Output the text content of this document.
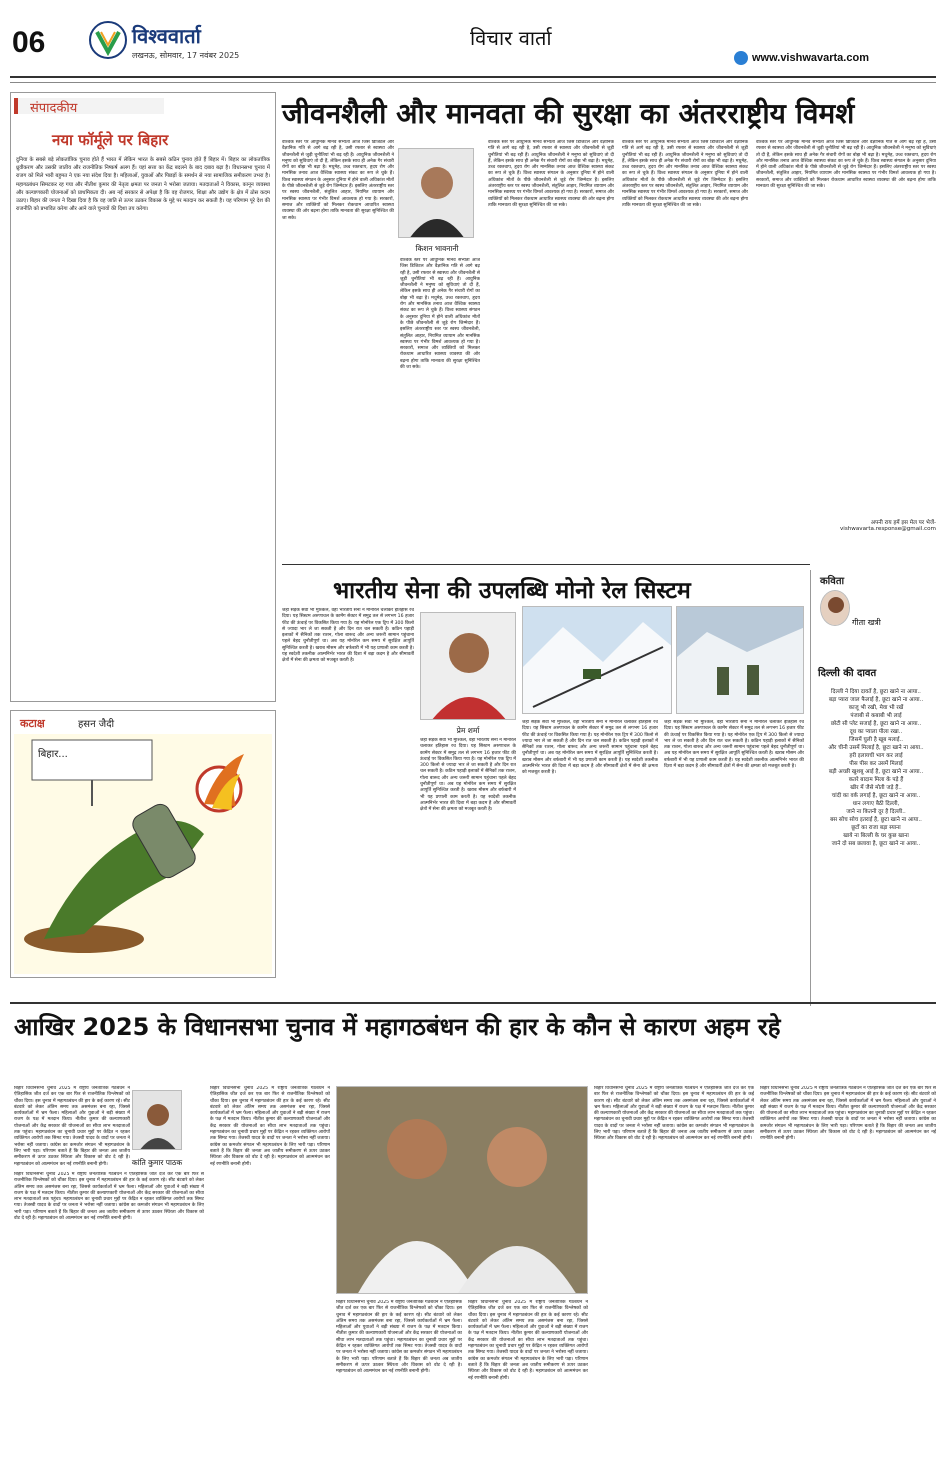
06	विश्ववार्ता
लखनऊ, सोमवार, 17 नवंबर 2025
विचार वार्ता
www.vishwavarta.com
संपादकीय
नया फॉर्मूले पर बिहार
दुनिया के सबसे बड़े लोकतांत्रिक चुनाव होते हैं भारत में लेकिन भारत के सबसे कठिन चुनाव होते हैं बिहार में। बिहार का लोकतांत्रिक ध्रुवीकरण और उसकी जातीय और राजनीतिक निष्कर्ष अलग हैं। यहां सत्ता का केंद्र बदलने के बाद दबाव बढ़ा है। विधानसभा चुनाव में राजग को मिले भारी बहुमत ने एक नया संदेश दिया है। महिलाओं, युवाओं और पिछड़ों के समर्थन से नया सामाजिक समीकरण उभरा है। महागठबंधन सिमटकर रह गया और नीतीश कुमार की नेतृत्व क्षमता पर जनता ने भरोसा जताया। मतदाताओं ने विकास, कानून व्यवस्था और कल्याणकारी योजनाओं को प्राथमिकता दी। अब नई सरकार से अपेक्षा है कि वह रोजगार, शिक्षा और उद्योग के क्षेत्र में ठोस कदम उठाए। बिहार की जनता ने दिखा दिया है कि वह जाति से ऊपर उठकर विकास के मुद्दे पर मतदान कर सकती है। यह परिणाम पूरे देश की राजनीति को प्रभावित करेगा और आने वाले चुनावों की दिशा तय करेगा।
कटाक्ष	हसन जैदी
बिहार...
जीवनशैली और मानवता की सुरक्षा का अंतरराष्ट्रीय विमर्श
किशन भावनानी
वैश्विक स्तर पर आधुनिक मानव सभ्यता आज जिस डिजिटल और वैज्ञानिक गति से आगे बढ़ रही है, उसी रफ्तार से स्वास्थ्य और जीवनशैली से जुड़ी चुनौतियां भी बढ़ रही हैं। आधुनिक जीवनशैली ने मनुष्य को सुविधाएं तो दी हैं, लेकिन इसके साथ ही अनेक गैर संचारी रोगों का बोझ भी बढ़ा है। मधुमेह, उच्च रक्तचाप, हृदय रोग और मानसिक तनाव आज वैश्विक स्वास्थ्य संकट का रूप ले चुके हैं। विश्व स्वास्थ्य संगठन के अनुसार दुनिया में होने वाली अधिकांश मौतों के पीछे जीवनशैली से जुड़े रोग जिम्मेदार हैं। इसलिए अंतरराष्ट्रीय स्तर पर स्वस्थ जीवनशैली, संतुलित आहार, नियमित व्यायाम और मानसिक स्वास्थ्य पर गंभीर विमर्श आवश्यक हो गया है। सरकारों, समाज और व्यक्तियों को मिलकर रोकथाम आधारित स्वास्थ्य व्यवस्था की ओर बढ़ना होगा ताकि मानवता की सुरक्षा सुनिश्चित की जा सके।
वैश्विक स्तर पर आधुनिक मानव सभ्यता आज जिस डिजिटल और वैज्ञानिक गति से आगे बढ़ रही है, उसी रफ्तार से स्वास्थ्य और जीवनशैली से जुड़ी चुनौतियां भी बढ़ रही हैं। आधुनिक जीवनशैली ने मनुष्य को सुविधाएं तो दी हैं, लेकिन इसके साथ ही अनेक गैर संचारी रोगों का बोझ भी बढ़ा है। मधुमेह, उच्च रक्तचाप, हृदय रोग और मानसिक तनाव आज वैश्विक स्वास्थ्य संकट का रूप ले चुके हैं। विश्व स्वास्थ्य संगठन के अनुसार दुनिया में होने वाली अधिकांश मौतों के पीछे जीवनशैली से जुड़े रोग जिम्मेदार हैं। इसलिए अंतरराष्ट्रीय स्तर पर स्वस्थ जीवनशैली, संतुलित आहार, नियमित व्यायाम और मानसिक स्वास्थ्य पर गंभीर विमर्श आवश्यक हो गया है। सरकारों, समाज और व्यक्तियों को मिलकर रोकथाम आधारित स्वास्थ्य व्यवस्था की ओर बढ़ना होगा ताकि मानवता की सुरक्षा सुनिश्चित की जा सके।
वैश्विक स्तर पर आधुनिक मानव सभ्यता आज जिस डिजिटल और वैज्ञानिक गति से आगे बढ़ रही है, उसी रफ्तार से स्वास्थ्य और जीवनशैली से जुड़ी चुनौतियां भी बढ़ रही हैं। आधुनिक जीवनशैली ने मनुष्य को सुविधाएं तो दी हैं, लेकिन इसके साथ ही अनेक गैर संचारी रोगों का बोझ भी बढ़ा है। मधुमेह, उच्च रक्तचाप, हृदय रोग और मानसिक तनाव आज वैश्विक स्वास्थ्य संकट का रूप ले चुके हैं। विश्व स्वास्थ्य संगठन के अनुसार दुनिया में होने वाली अधिकांश मौतों के पीछे जीवनशैली से जुड़े रोग जिम्मेदार हैं। इसलिए अंतरराष्ट्रीय स्तर पर स्वस्थ जीवनशैली, संतुलित आहार, नियमित व्यायाम और मानसिक स्वास्थ्य पर गंभीर विमर्श आवश्यक हो गया है। सरकारों, समाज और व्यक्तियों को मिलकर रोकथाम आधारित स्वास्थ्य व्यवस्था की ओर बढ़ना होगा ताकि मानवता की सुरक्षा सुनिश्चित की जा सके।
वैश्विक स्तर पर आधुनिक मानव सभ्यता आज जिस डिजिटल और वैज्ञानिक गति से आगे बढ़ रही है, उसी रफ्तार से स्वास्थ्य और जीवनशैली से जुड़ी चुनौतियां भी बढ़ रही हैं। आधुनिक जीवनशैली ने मनुष्य को सुविधाएं तो दी हैं, लेकिन इसके साथ ही अनेक गैर संचारी रोगों का बोझ भी बढ़ा है। मधुमेह, उच्च रक्तचाप, हृदय रोग और मानसिक तनाव आज वैश्विक स्वास्थ्य संकट का रूप ले चुके हैं। विश्व स्वास्थ्य संगठन के अनुसार दुनिया में होने वाली अधिकांश मौतों के पीछे जीवनशैली से जुड़े रोग जिम्मेदार हैं। इसलिए अंतरराष्ट्रीय स्तर पर स्वस्थ जीवनशैली, संतुलित आहार, नियमित व्यायाम और मानसिक स्वास्थ्य पर गंभीर विमर्श आवश्यक हो गया है। सरकारों, समाज और व्यक्तियों को मिलकर रोकथाम आधारित स्वास्थ्य व्यवस्था की ओर बढ़ना होगा ताकि मानवता की सुरक्षा सुनिश्चित की जा सके।
वैश्विक स्तर पर आधुनिक मानव सभ्यता आज जिस डिजिटल और वैज्ञानिक गति से आगे बढ़ रही है, उसी रफ्तार से स्वास्थ्य और जीवनशैली से जुड़ी चुनौतियां भी बढ़ रही हैं। आधुनिक जीवनशैली ने मनुष्य को सुविधाएं तो दी हैं, लेकिन इसके साथ ही अनेक गैर संचारी रोगों का बोझ भी बढ़ा है। मधुमेह, उच्च रक्तचाप, हृदय रोग और मानसिक तनाव आज वैश्विक स्वास्थ्य संकट का रूप ले चुके हैं। विश्व स्वास्थ्य संगठन के अनुसार दुनिया में होने वाली अधिकांश मौतों के पीछे जीवनशैली से जुड़े रोग जिम्मेदार हैं। इसलिए अंतरराष्ट्रीय स्तर पर स्वस्थ जीवनशैली, संतुलित आहार, नियमित व्यायाम और मानसिक स्वास्थ्य पर गंभीर विमर्श आवश्यक हो गया है। सरकारों, समाज और व्यक्तियों को मिलकर रोकथाम आधारित स्वास्थ्य व्यवस्था की ओर बढ़ना होगा ताकि मानवता की सुरक्षा सुनिश्चित की जा सके।
अपनी राय हमें इस मेल पर भेजें-
vishwavarta.response@gmail.com
भारतीय सेना की उपलब्धि मोनो रेल सिस्टम
प्रेम शर्मा
जहां सड़क सेवा भी मुश्किल, वहां भारतीय सेना ने मोनोरेल चलाकर इतिहास रच दिया। यह सिस्टम अरुणाचल के कामेंग सेक्टर में समुद्र तल से लगभग 16 हजार फीट की ऊंचाई पर विकसित किया गया है। यह मोनोरेल एक ट्रिप में 300 किलो से ज्यादा भार ले जा सकती है और दिन रात चल सकती है। कठिन पहाड़ी इलाकों में सैनिकों तक राशन, गोला बारूद और अन्य जरूरी सामान पहुंचाना पहले बेहद चुनौतीपूर्ण था। अब यह मोनोरेल कम समय में सुरक्षित आपूर्ति सुनिश्चित करती है। खराब मौसम और बर्फबारी में भी यह प्रणाली काम करती है। यह स्वदेशी तकनीक आत्मनिर्भर भारत की दिशा में बड़ा कदम है और सीमावर्ती क्षेत्रों में सेना की क्षमता को मजबूत करती है।
जहां सड़क सेवा भी मुश्किल, वहां भारतीय सेना ने मोनोरेल चलाकर इतिहास रच दिया। यह सिस्टम अरुणाचल के कामेंग सेक्टर में समुद्र तल से लगभग 16 हजार फीट की ऊंचाई पर विकसित किया गया है। यह मोनोरेल एक ट्रिप में 300 किलो से ज्यादा भार ले जा सकती है और दिन रात चल सकती है। कठिन पहाड़ी इलाकों में सैनिकों तक राशन, गोला बारूद और अन्य जरूरी सामान पहुंचाना पहले बेहद चुनौतीपूर्ण था। अब यह मोनोरेल कम समय में सुरक्षित आपूर्ति सुनिश्चित करती है। खराब मौसम और बर्फबारी में भी यह प्रणाली काम करती है। यह स्वदेशी तकनीक आत्मनिर्भर भारत की दिशा में बड़ा कदम है और सीमावर्ती क्षेत्रों में सेना की क्षमता को मजबूत करती है।
जहां सड़क सेवा भी मुश्किल, वहां भारतीय सेना ने मोनोरेल चलाकर इतिहास रच दिया। यह सिस्टम अरुणाचल के कामेंग सेक्टर में समुद्र तल से लगभग 16 हजार फीट की ऊंचाई पर विकसित किया गया है। यह मोनोरेल एक ट्रिप में 300 किलो से ज्यादा भार ले जा सकती है और दिन रात चल सकती है। कठिन पहाड़ी इलाकों में सैनिकों तक राशन, गोला बारूद और अन्य जरूरी सामान पहुंचाना पहले बेहद चुनौतीपूर्ण था। अब यह मोनोरेल कम समय में सुरक्षित आपूर्ति सुनिश्चित करती है। खराब मौसम और बर्फबारी में भी यह प्रणाली काम करती है। यह स्वदेशी तकनीक आत्मनिर्भर भारत की दिशा में बड़ा कदम है और सीमावर्ती क्षेत्रों में सेना की क्षमता को मजबूत करती है।
जहां सड़क सेवा भी मुश्किल, वहां भारतीय सेना ने मोनोरेल चलाकर इतिहास रच दिया। यह सिस्टम अरुणाचल के कामेंग सेक्टर में समुद्र तल से लगभग 16 हजार फीट की ऊंचाई पर विकसित किया गया है। यह मोनोरेल एक ट्रिप में 300 किलो से ज्यादा भार ले जा सकती है और दिन रात चल सकती है। कठिन पहाड़ी इलाकों में सैनिकों तक राशन, गोला बारूद और अन्य जरूरी सामान पहुंचाना पहले बेहद चुनौतीपूर्ण था। अब यह मोनोरेल कम समय में सुरक्षित आपूर्ति सुनिश्चित करती है। खराब मौसम और बर्फबारी में भी यह प्रणाली काम करती है। यह स्वदेशी तकनीक आत्मनिर्भर भारत की दिशा में बड़ा कदम है और सीमावर्ती क्षेत्रों में सेना की क्षमता को मजबूत करती है।
कविता
गीता खत्री
दिल्ली की दावत
दिल्ली ने दिया दावतें है, छूटा खाने ना आया..
बड़ा प्यारा जाल फैलाई है, छूटा खाने ना आया..
काजू भी रखी, मेवा भी रखें
पंजाबी से कबाबी भी लाई
छोटी सी प्लेट सजाई है, छूटा खाने ना आया..
दूध का प्याला पीला रखा..
जिसमें घुली है खूब मलाई..
और चीनी उसमें मिलाई है, छूटा खाने ना आया..
हरी इलायची भाग कर लाई
पीस पीस कर उसमें मिलाई
बड़ी अच्छी खुशबू आई है, छूटा खाने ना आया..
कतरे बादाम मिला के पड़े हैं
खीर में जैसे मोती जड़े हैं..
चांदी का वर्क लगाई है, छूटा खाने ना आया..
धान लगाए बैठी दिल्ली,
जाने ना कितनी दूर है दिल्ली..
बस सोच सोच इतराई है, छूटा खाने ना आया..
छूटों का राजा बड़ा स्याना
खाये ना बिल्ली के घर कुछ खाना
जाने दो सब छलावा है, छूटा खाने ना आया..
आखिर 2025 के विधानसभा चुनाव में महागठबंधन की हार के कौन से कारण अहम रहे
कांति कुमार पाठक
बिहार विधानसभा चुनाव 2025 में राष्ट्रीय जनतांत्रिक गठबंधन ने ऐतिहासिक जीत दर्ज कर एक बार फिर से राजनीतिक विश्लेषकों को चौंका दिया। इस चुनाव में महागठबंधन की हार के कई कारण रहे। सीट बंटवारे को लेकर अंतिम समय तक असमंजस बना रहा, जिससे कार्यकर्ताओं में भ्रम फैला। महिलाओं और युवाओं ने बड़ी संख्या में राजग के पक्ष में मतदान किया। नीतीश कुमार की कल्याणकारी योजनाओं और केंद्र सरकार की योजनाओं का सीधा लाभ मतदाताओं तक पहुंचा। महागठबंधन का चुनावी प्रचार मुद्दों पर केंद्रित न रहकर व्यक्तिगत आरोपों तक सिमट गया। तेजस्वी यादव के वादों पर जनता ने भरोसा नहीं जताया। कांग्रेस का कमजोर संगठन भी महागठबंधन के लिए भारी पड़ा। परिणाम बताते हैं कि बिहार की जनता अब जातीय समीकरण से ऊपर उठकर स्थिरता और विकास को वोट दे रही है। महागठबंधन को आत्ममंथन कर नई रणनीति बनानी होगी।
बिहार विधानसभा चुनाव 2025 में राष्ट्रीय जनतांत्रिक गठबंधन ने ऐतिहासिक जीत दर्ज कर एक बार फिर से राजनीतिक विश्लेषकों को चौंका दिया। इस चुनाव में महागठबंधन की हार के कई कारण रहे। सीट बंटवारे को लेकर अंतिम समय तक असमंजस बना रहा, जिससे कार्यकर्ताओं में भ्रम फैला। महिलाओं और युवाओं ने बड़ी संख्या में राजग के पक्ष में मतदान किया। नीतीश कुमार की कल्याणकारी योजनाओं और केंद्र सरकार की योजनाओं का सीधा लाभ मतदाताओं तक पहुंचा। महागठबंधन का चुनावी प्रचार मुद्दों पर केंद्रित न रहकर व्यक्तिगत आरोपों तक सिमट गया। तेजस्वी यादव के वादों पर जनता ने भरोसा नहीं जताया। कांग्रेस का कमजोर संगठन भी महागठबंधन के लिए भारी पड़ा। परिणाम बताते हैं कि बिहार की जनता अब जातीय समीकरण से ऊपर उठकर स्थिरता और विकास को वोट दे रही है। महागठबंधन को आत्ममंथन कर नई रणनीति बनानी होगी।
बिहार विधानसभा चुनाव 2025 में राष्ट्रीय जनतांत्रिक गठबंधन ने ऐतिहासिक जीत दर्ज कर एक बार फिर से राजनीतिक विश्लेषकों को चौंका दिया। इस चुनाव में महागठबंधन की हार के कई कारण रहे। सीट बंटवारे को लेकर अंतिम समय तक असमंजस बना रहा, जिससे कार्यकर्ताओं में भ्रम फैला। महिलाओं और युवाओं ने बड़ी संख्या में राजग के पक्ष में मतदान किया। नीतीश कुमार की कल्याणकारी योजनाओं और केंद्र सरकार की योजनाओं का सीधा लाभ मतदाताओं तक पहुंचा। महागठबंधन का चुनावी प्रचार मुद्दों पर केंद्रित न रहकर व्यक्तिगत आरोपों तक सिमट गया। तेजस्वी यादव के वादों पर जनता ने भरोसा नहीं जताया। कांग्रेस का कमजोर संगठन भी महागठबंधन के लिए भारी पड़ा। परिणाम बताते हैं कि बिहार की जनता अब जातीय समीकरण से ऊपर उठकर स्थिरता और विकास को वोट दे रही है। महागठबंधन को आत्ममंथन कर नई रणनीति बनानी होगी।
बिहार विधानसभा चुनाव 2025 में राष्ट्रीय जनतांत्रिक गठबंधन ने ऐतिहासिक जीत दर्ज कर एक बार फिर से राजनीतिक विश्लेषकों को चौंका दिया। इस चुनाव में महागठबंधन की हार के कई कारण रहे। सीट बंटवारे को लेकर अंतिम समय तक असमंजस बना रहा, जिससे कार्यकर्ताओं में भ्रम फैला। महिलाओं और युवाओं ने बड़ी संख्या में राजग के पक्ष में मतदान किया। नीतीश कुमार की कल्याणकारी योजनाओं और केंद्र सरकार की योजनाओं का सीधा लाभ मतदाताओं तक पहुंचा। महागठबंधन का चुनावी प्रचार मुद्दों पर केंद्रित न रहकर व्यक्तिगत आरोपों तक सिमट गया। तेजस्वी यादव के वादों पर जनता ने भरोसा नहीं जताया। कांग्रेस का कमजोर संगठन भी महागठबंधन के लिए भारी पड़ा। परिणाम बताते हैं कि बिहार की जनता अब जातीय समीकरण से ऊपर उठकर स्थिरता और विकास को वोट दे रही है। महागठबंधन को आत्ममंथन कर नई रणनीति बनानी होगी।
बिहार विधानसभा चुनाव 2025 में राष्ट्रीय जनतांत्रिक गठबंधन ने ऐतिहासिक जीत दर्ज कर एक बार फिर से राजनीतिक विश्लेषकों को चौंका दिया। इस चुनाव में महागठबंधन की हार के कई कारण रहे। सीट बंटवारे को लेकर अंतिम समय तक असमंजस बना रहा, जिससे कार्यकर्ताओं में भ्रम फैला। महिलाओं और युवाओं ने बड़ी संख्या में राजग के पक्ष में मतदान किया। नीतीश कुमार की कल्याणकारी योजनाओं और केंद्र सरकार की योजनाओं का सीधा लाभ मतदाताओं तक पहुंचा। महागठबंधन का चुनावी प्रचार मुद्दों पर केंद्रित न रहकर व्यक्तिगत आरोपों तक सिमट गया। तेजस्वी यादव के वादों पर जनता ने भरोसा नहीं जताया। कांग्रेस का कमजोर संगठन भी महागठबंधन के लिए भारी पड़ा। परिणाम बताते हैं कि बिहार की जनता अब जातीय समीकरण से ऊपर उठकर स्थिरता और विकास को वोट दे रही है। महागठबंधन को आत्ममंथन कर नई रणनीति बनानी होगी।
बिहार विधानसभा चुनाव 2025 में राष्ट्रीय जनतांत्रिक गठबंधन ने ऐतिहासिक जीत दर्ज कर एक बार फिर से राजनीतिक विश्लेषकों को चौंका दिया। इस चुनाव में महागठबंधन की हार के कई कारण रहे। सीट बंटवारे को लेकर अंतिम समय तक असमंजस बना रहा, जिससे कार्यकर्ताओं में भ्रम फैला। महिलाओं और युवाओं ने बड़ी संख्या में राजग के पक्ष में मतदान किया। नीतीश कुमार की कल्याणकारी योजनाओं और केंद्र सरकार की योजनाओं का सीधा लाभ मतदाताओं तक पहुंचा। महागठबंधन का चुनावी प्रचार मुद्दों पर केंद्रित न रहकर व्यक्तिगत आरोपों तक सिमट गया। तेजस्वी यादव के वादों पर जनता ने भरोसा नहीं जताया। कांग्रेस का कमजोर संगठन भी महागठबंधन के लिए भारी पड़ा। परिणाम बताते हैं कि बिहार की जनता अब जातीय समीकरण से ऊपर उठकर स्थिरता और विकास को वोट दे रही है। महागठबंधन को आत्ममंथन कर नई रणनीति बनानी होगी।
बिहार विधानसभा चुनाव 2025 में राष्ट्रीय जनतांत्रिक गठबंधन ने ऐतिहासिक जीत दर्ज कर एक बार फिर से राजनीतिक विश्लेषकों को चौंका दिया। इस चुनाव में महागठबंधन की हार के कई कारण रहे। सीट बंटवारे को लेकर अंतिम समय तक असमंजस बना रहा, जिससे कार्यकर्ताओं में भ्रम फैला। महिलाओं और युवाओं ने बड़ी संख्या में राजग के पक्ष में मतदान किया। नीतीश कुमार की कल्याणकारी योजनाओं और केंद्र सरकार की योजनाओं का सीधा लाभ मतदाताओं तक पहुंचा। महागठबंधन का चुनावी प्रचार मुद्दों पर केंद्रित न रहकर व्यक्तिगत आरोपों तक सिमट गया। तेजस्वी यादव के वादों पर जनता ने भरोसा नहीं जताया। कांग्रेस का कमजोर संगठन भी महागठबंधन के लिए भारी पड़ा। परिणाम बताते हैं कि बिहार की जनता अब जातीय समीकरण से ऊपर उठकर स्थिरता और विकास को वोट दे रही है। महागठबंधन को आत्ममंथन कर नई रणनीति बनानी होगी।
